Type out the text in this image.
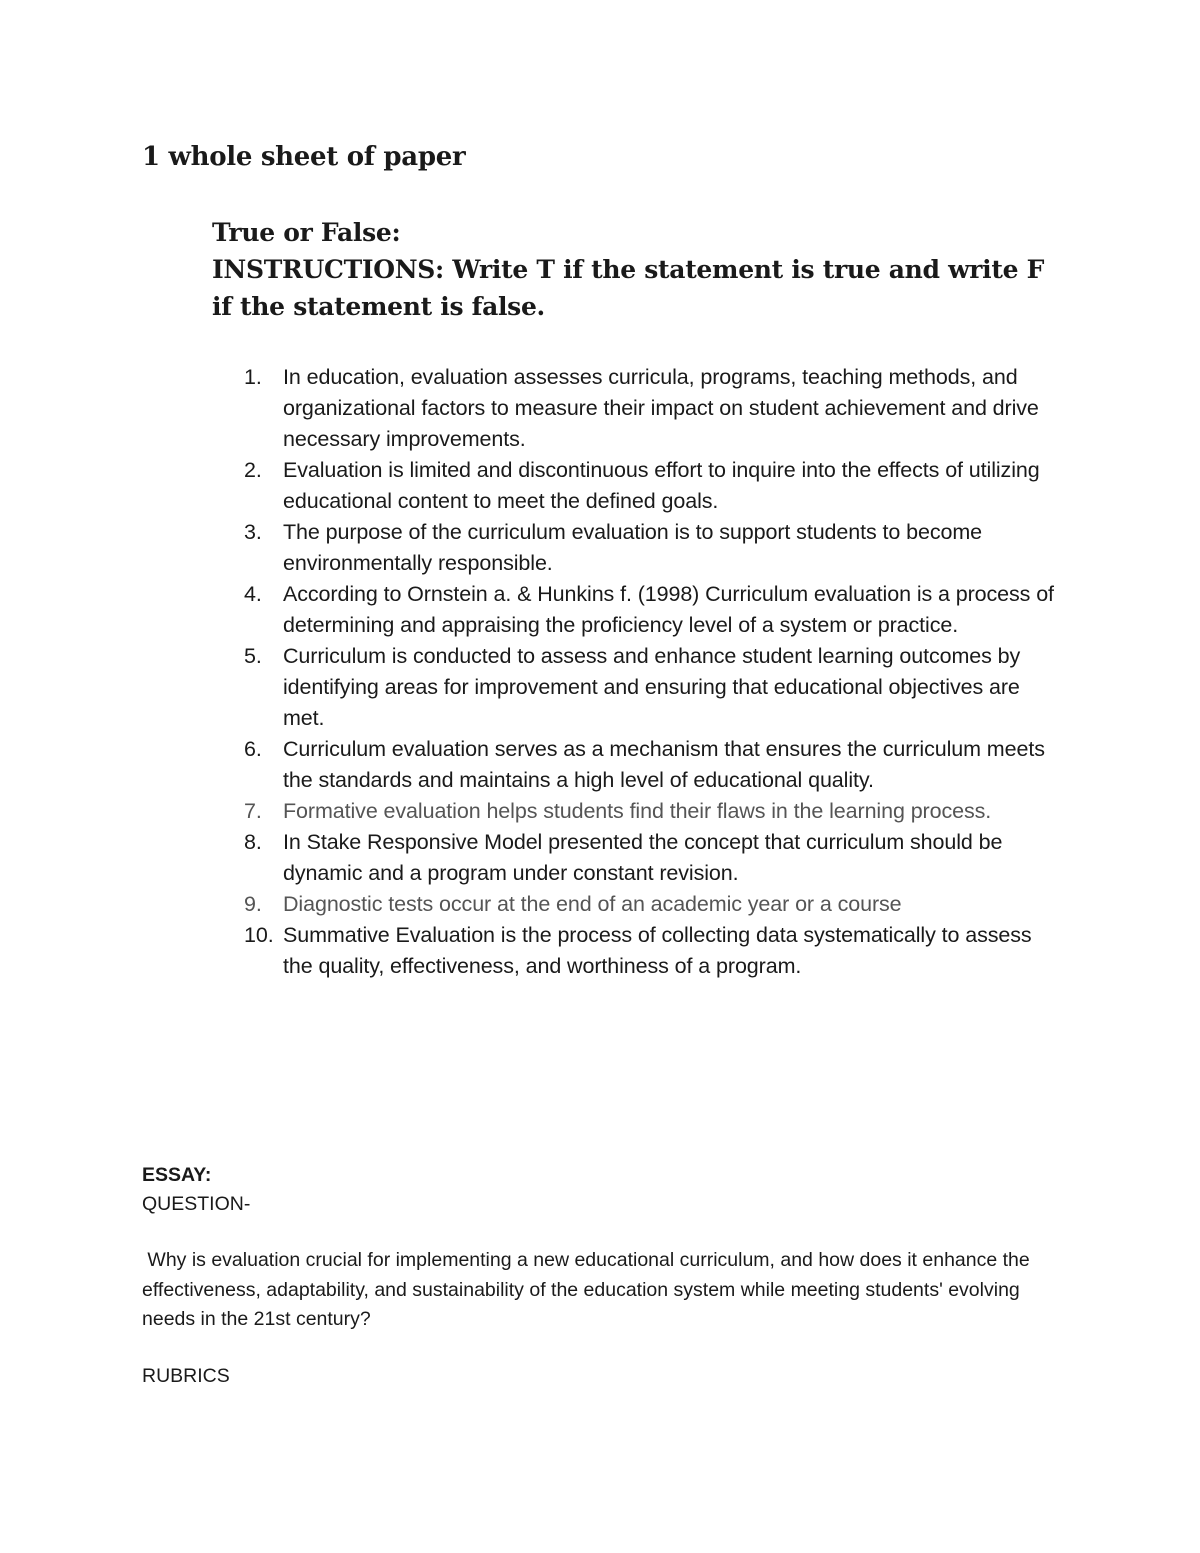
1 whole sheet of paper

True or False:

INSTRUCTIONS: Write T if the statement is true and write F if the statement is false.

1. In education, evaluation assesses curricula, programs, teaching methods, and organizational factors to measure their impact on student achievement and drive necessary improvements.
2. Evaluation is limited and discontinuous effort to inquire into the effects of utilizing educational content to meet the defined goals.
3. The purpose of the curriculum evaluation is to support students to become environmentally responsible.
4. According to Ornstein a. & Hunkins f. (1998) Curriculum evaluation is a process of determining and appraising the proficiency level of a system or practice.
5. Curriculum is conducted to assess and enhance student learning outcomes by identifying areas for improvement and ensuring that educational objectives are met.
6. Curriculum evaluation serves as a mechanism that ensures the curriculum meets the standards and maintains a high level of educational quality.
7. Formative evaluation helps students find their flaws in the learning process.
8. In Stake Responsive Model presented the concept that curriculum should be dynamic and a program under constant revision.
9. Diagnostic tests occur at the end of an academic year or a course
10. Summative Evaluation is the process of collecting data systematically to assess the quality, effectiveness, and worthiness of a program.

ESSAY:

QUESTION-

Why is evaluation crucial for implementing a new educational curriculum, and how does it enhance the effectiveness, adaptability, and sustainability of the education system while meeting students' evolving needs in the 21st century?

RUBRICS
